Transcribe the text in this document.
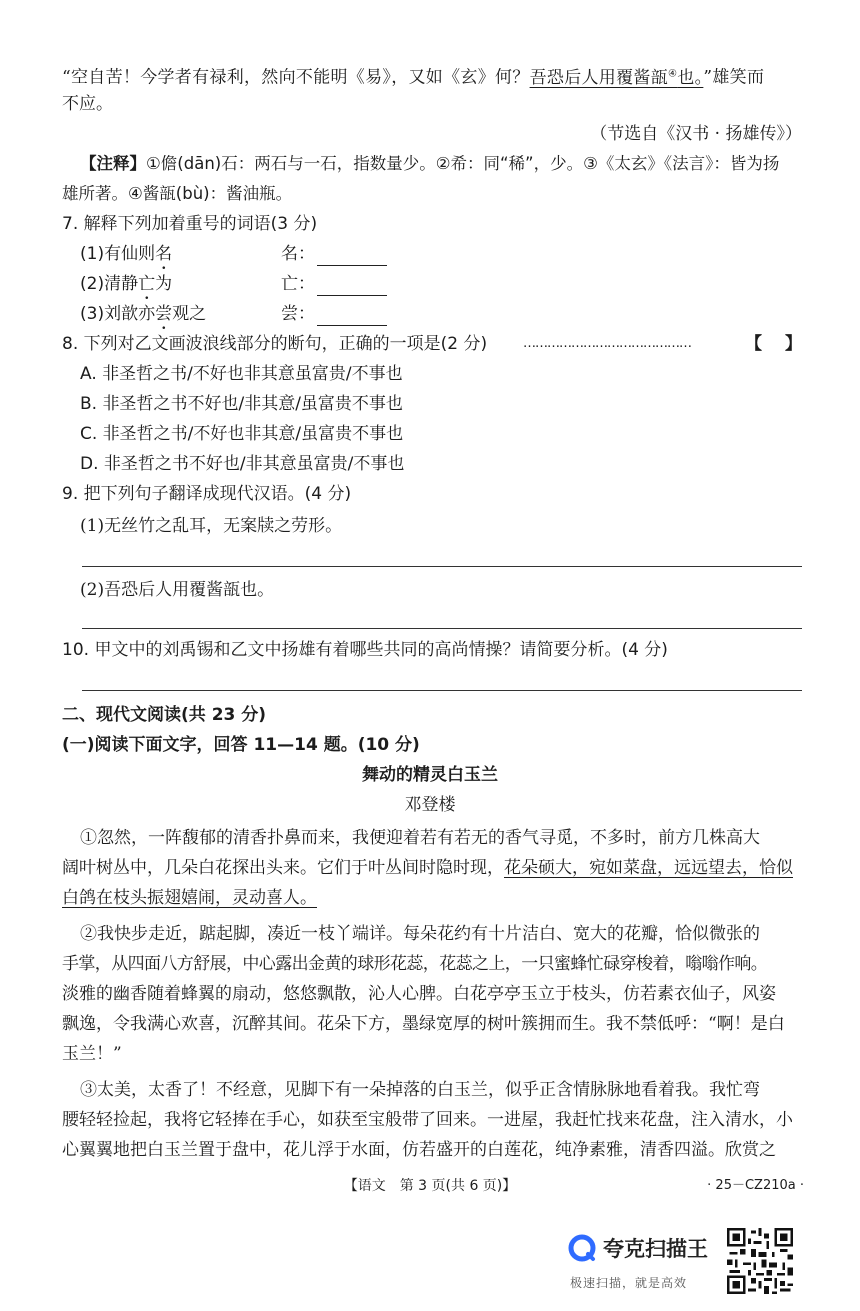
“空自苦！今学者有禄利，然向不能明《易》，又如《玄》何？吾恐后人用覆酱瓿④也。”雄笑而
不应。
（节选自《汉书 · 扬雄传》）
【注释】①儋(dān)石：两石与一石，指数量少。②希：同“稀”，少。③《太玄》《法言》：皆为扬
雄所著。④酱瓿(bù)：酱油瓶。
7. 解释下列加着重号的词语(3 分)
(1)有仙则名	名：
(2)清静亡为	亡：
(3)刘歆亦尝观之	尝：
8. 下列对乙文画波浪线部分的断句，正确的一项是(2 分)	……………………………………	【 】
A. 非圣哲之书/不好也非其意虽富贵/不事也
B. 非圣哲之书不好也/非其意/虽富贵不事也
C. 非圣哲之书/不好也非其意/虽富贵不事也
D. 非圣哲之书不好也/非其意虽富贵/不事也
9. 把下列句子翻译成现代汉语。(4 分)
(1)无丝竹之乱耳，无案牍之劳形。
(2)吾恐后人用覆酱瓿也。
10. 甲文中的刘禹锡和乙文中扬雄有着哪些共同的高尚情操？请简要分析。(4 分)
二、现代文阅读(共 23 分)
(一)阅读下面文字，回答 11—14 题。(10 分)
舞动的精灵白玉兰
邓登楼
①忽然，一阵馥郁的清香扑鼻而来，我便迎着若有若无的香气寻觅，不多时，前方几株高大
阔叶树丛中，几朵白花探出头来。它们于叶丛间时隐时现，花朵硕大，宛如菜盘，远远望去，恰似
白鸽在枝头振翅嬉闹，灵动喜人。
②我快步走近，踮起脚，凑近一枝丫端详。每朵花约有十片洁白、宽大的花瓣，恰似微张的
手掌，从四面八方舒展，中心露出金黄的球形花蕊，花蕊之上，一只蜜蜂忙碌穿梭着，嗡嗡作响。
淡雅的幽香随着蜂翼的扇动，悠悠飘散，沁人心脾。白花亭亭玉立于枝头，仿若素衣仙子，风姿
飘逸，令我满心欢喜，沉醉其间。花朵下方，墨绿宽厚的树叶簇拥而生。我不禁低呼：“啊！是白
玉兰！”
③太美，太香了！不经意，见脚下有一朵掉落的白玉兰，似乎正含情脉脉地看着我。我忙弯
腰轻轻捡起，我将它轻捧在手心，如获至宝般带了回来。一进屋，我赶忙找来花盘，注入清水，小
心翼翼地把白玉兰置于盘中，花儿浮于水面，仿若盛开的白莲花，纯净素雅，清香四溢。欣赏之
【语文　第 3 页(共 6 页)】	· 25－CZ210a ·
夸克扫描王
极速扫描，就是高效
